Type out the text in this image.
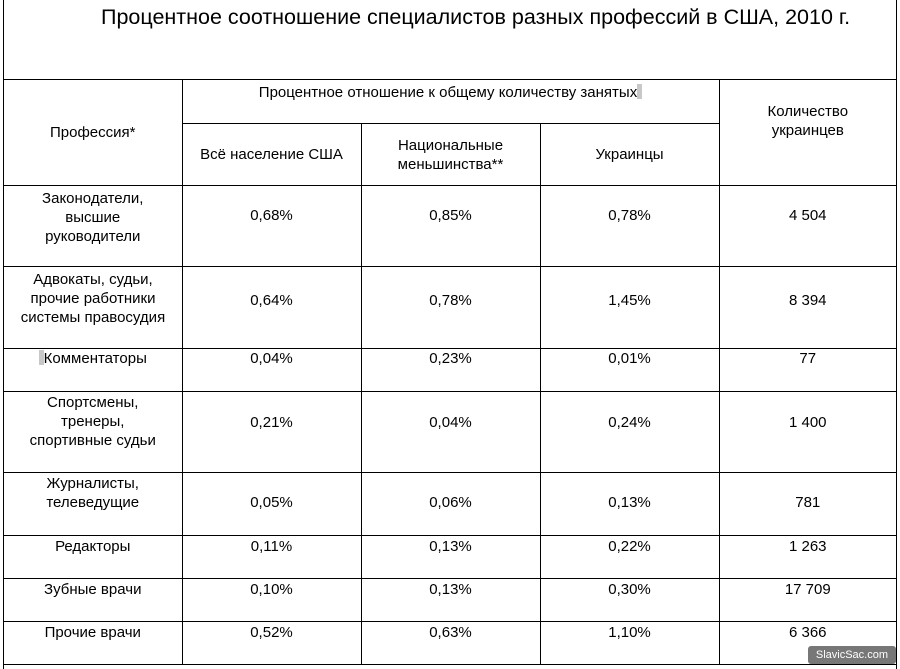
Процентное соотношение специалистов разных профессий в США, 2010 г.
Профессия*	Процентное отношение к общему количеству занятых			Количество украинцев
	Всё население США	Национальные меньшинства**	Украинцы	
Законодатели, высшие руководители	0,68%	0,85%	0,78%	4 504
Адвокаты, судьи, прочие работники системы правосудия	0,64%	0,78%	1,45%	8 394
Комментаторы	0,04%	0,23%	0,01%	77
Спортсмены, тренеры, спортивные судьи	0,21%	0,04%	0,24%	1 400
Журналисты, телеведущие	0,05%	0,06%	0,13%	781
Редакторы	0,11%	0,13%	0,22%	1 263
Зубные врачи	0,10%	0,13%	0,30%	17 709
Прочие врачи	0,52%	0,63%	1,10%	6 366
SlavicSac.com
